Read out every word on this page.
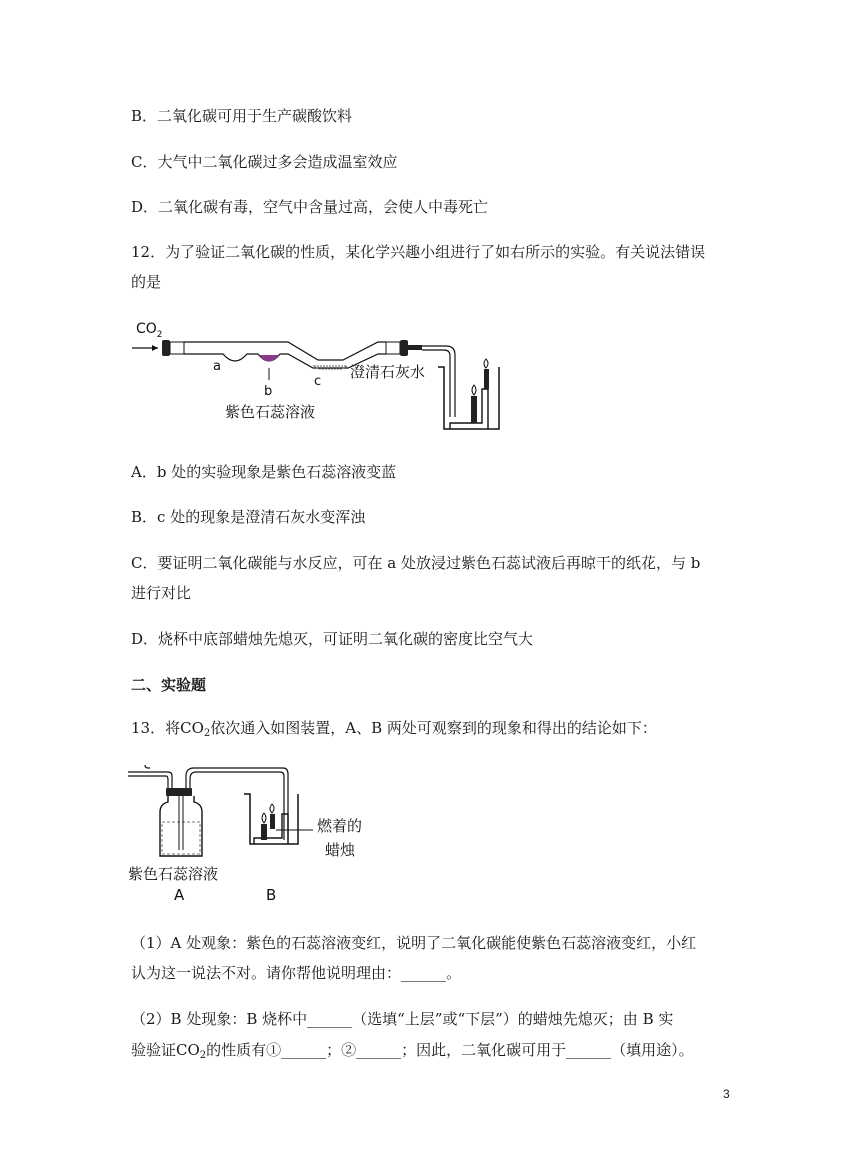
B．二氧化碳可用于生产碳酸饮料
C．大气中二氧化碳过多会造成温室效应
D．二氧化碳有毒，空气中含量过高，会使人中毒死亡
12．为了验证二氧化碳的性质，某化学兴趣小组进行了如右所示的实验。有关说法错误
的是
$CO_2$
a
b
c
澄清石灰水
紫色石蕊溶液
A．b 处的实验现象是紫色石蕊溶液变蓝
B．c 处的现象是澄清石灰水变浑浊
C．要证明二氧化碳能与水反应，可在 a 处放浸过紫色石蕊试液后再晾干的纸花，与 b
进行对比
D．烧杯中底部蜡烛先熄灭，可证明二氧化碳的密度比空气大
二、实验题
13．将$CO_2$依次通入如图装置，A、B 两处可观察到的现象和得出的结论如下：
燃着的
蜡烛
紫色石蕊溶液
A	B
（1）A 处观象：紫色的石蕊溶液变红，说明了二氧化碳能使紫色石蕊溶液变红，小红
认为这一说法不对。请你帮他说明理由：______。
（2）B 处现象：B 烧杯中______（选填“上层”或“下层”）的蜡烛先熄灭；由 B 实
验验证$CO_2$的性质有①______；②______；因此，二氧化碳可用于______（填用途）。
3
